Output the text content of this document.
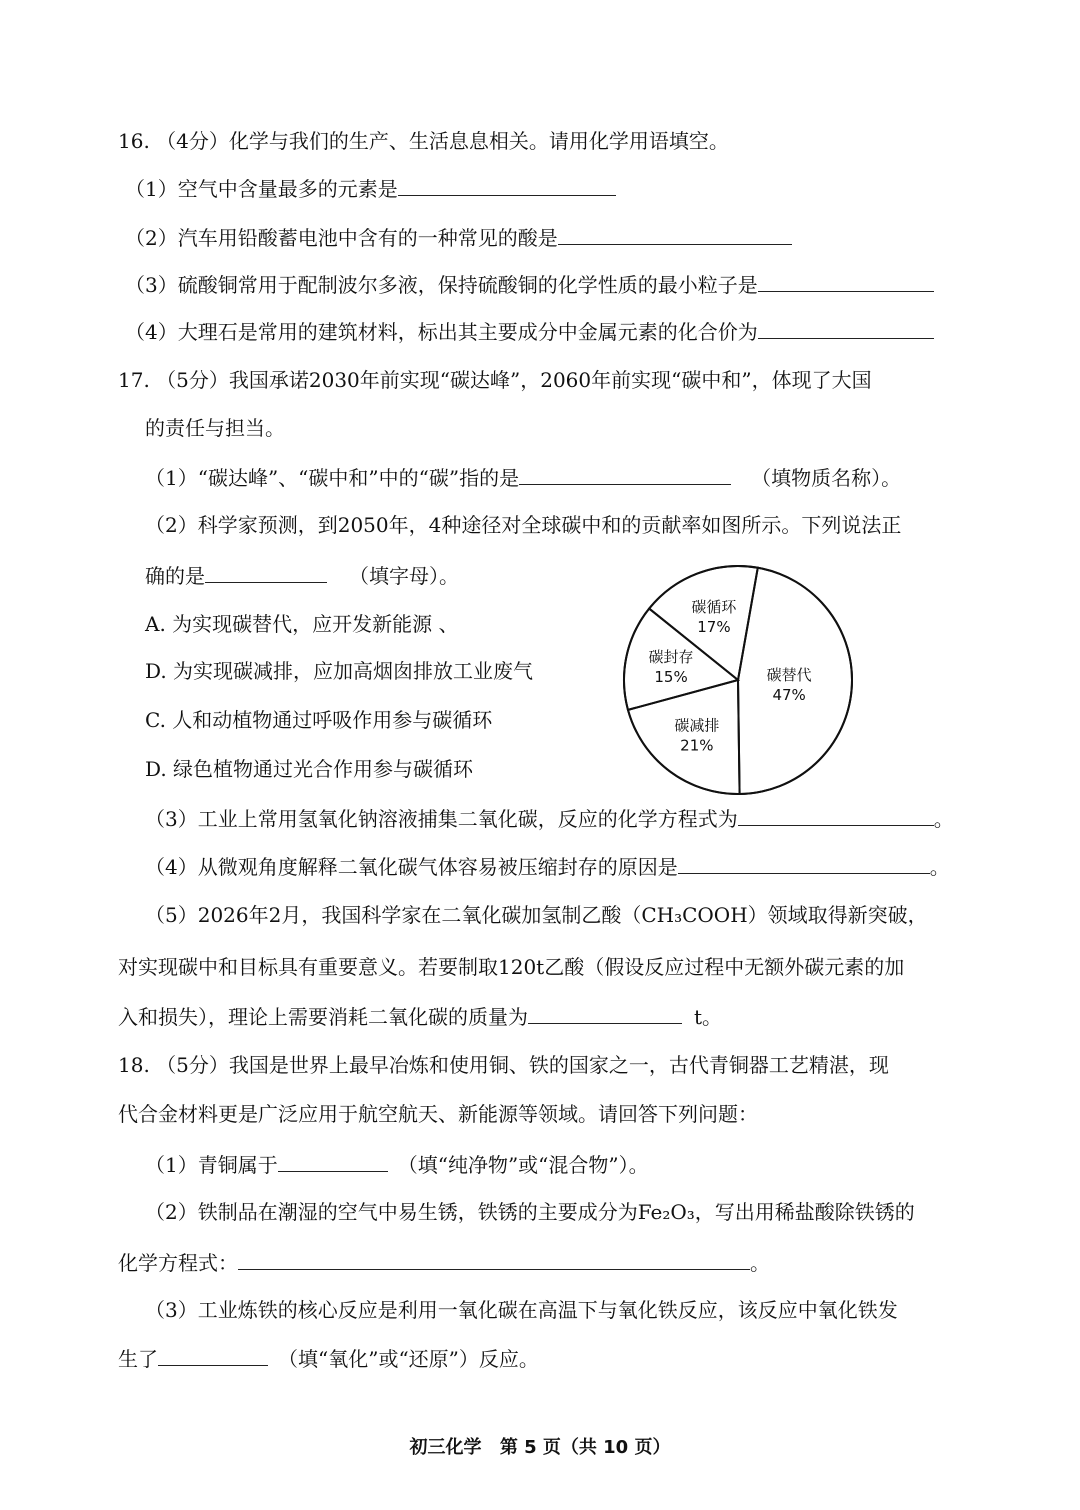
16. （4分）化学与我们的生产、生活息息相关。请用化学用语填空。
（1）空气中含量最多的元素是
（2）汽车用铅酸蓄电池中含有的一种常见的酸是
（3）硫酸铜常用于配制波尔多液，保持硫酸铜的化学性质的最小粒子是
（4）大理石是常用的建筑材料，标出其主要成分中金属元素的化合价为
17. （5分）我国承诺2030年前实现“碳达峰”，2060年前实现“碳中和”，体现了大国
的责任与担当。
（1）“碳达峰”、“碳中和”中的“碳”指的是	（填物质名称）。
（2）科学家预测，到2050年，4种途径对全球碳中和的贡献率如图所示。下列说法正
确的是	（填字母）。
A. 为实现碳替代，应开发新能源 、
D. 为实现碳减排，应加高烟囱排放工业废气
C. 人和动植物通过呼吸作用参与碳循环
D. 绿色植物通过光合作用参与碳循环
碳替代
47%
碳减排
21%
碳封存
15%
碳循环
17%
（3）工业上常用氢氧化钠溶液捕集二氧化碳，反应的化学方程式为	。
（4）从微观角度解释二氧化碳气体容易被压缩封存的原因是	。
（5）2026年2月，我国科学家在二氧化碳加氢制乙酸（CH₃COOH）领域取得新突破，
对实现碳中和目标具有重要意义。若要制取120t乙酸（假设反应过程中无额外碳元素的加
入和损失），理论上需要消耗二氧化碳的质量为	t。
18. （5分）我国是世界上最早冶炼和使用铜、铁的国家之一，古代青铜器工艺精湛，现
代合金材料更是广泛应用于航空航天、新能源等领域。请回答下列问题：
（1）青铜属于	（填“纯净物”或“混合物”）。
（2）铁制品在潮湿的空气中易生锈，铁锈的主要成分为Fe₂O₃，写出用稀盐酸除铁锈的
化学方程式：	。
（3）工业炼铁的核心反应是利用一氧化碳在高温下与氧化铁反应，该反应中氧化铁发
生了	（填“氧化”或“还原”）反应。
初三化学 第 5 页（共 10 页）
